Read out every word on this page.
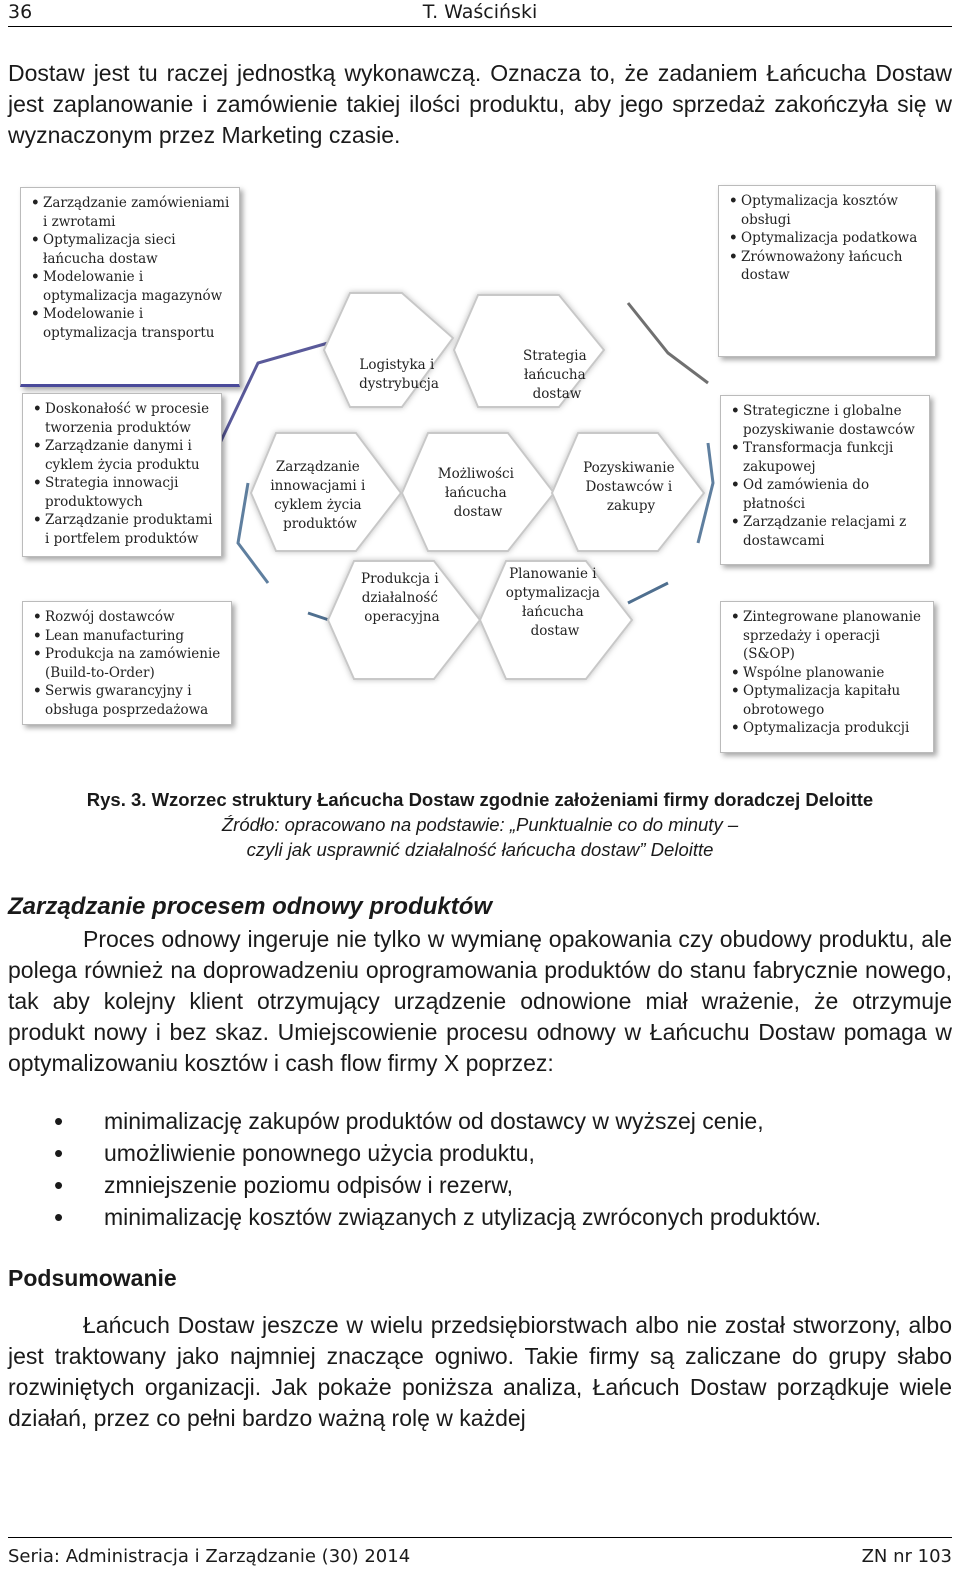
36	T. Waściński
Dostaw jest tu raczej jednostką wykonawczą. Oznacza to, że zadaniem Łańcucha Dostaw jest zaplanowanie i zamówienie takiej ilości produktu, aby jego sprzedaż zakończyła się w wyznaczonym przez Marketing czasie.
Logistyka i dystrybucja
Strategia łańcucha dostaw
Zarządzanie innowacjami i cyklem życia produktów
Możliwości łańcucha dostaw
Pozyskiwanie Dostawców i zakupy
Produkcja i działalność operacyjna
Planowanie i optymalizacja łańcucha dostaw
• Zarządzanie zamówieniami i zwrotami
• Optymalizacja sieci łańcucha dostaw
• Modelowanie i optymalizacja magazynów
• Modelowanie i optymalizacja transportu
• Optymalizacja kosztów obsługi
• Optymalizacja podatkowa
• Zrównoważony łańcuch dostaw
• Doskonałość w procesie tworzenia produktów
• Zarządzanie danymi i cyklem życia produktu
• Strategia innowacji produktowych
• Zarządzanie produktami i portfelem produktów
• Strategiczne i globalne pozyskiwanie dostawców
• Transformacja funkcji zakupowej
• Od zamówienia do płatności
• Zarządzanie relacjami z dostawcami
• Rozwój dostawców
• Lean manufacturing
• Produkcja na zamówienie (Build-to-Order)
• Serwis gwarancyjny i obsługa posprzedażowa
• Zintegrowane planowanie sprzedaży i operacji (S&OP)
• Wspólne planowanie
• Optymalizacja kapitału obrotowego
• Optymalizacja produkcji
Rys. 3. Wzorzec struktury Łańcucha Dostaw zgodnie założeniami firmy doradczej Deloitte
Źródło: opracowano na podstawie: „Punktualnie co do minuty –
czyli jak usprawnić działalność łańcucha dostaw” Deloitte
Zarządzanie procesem odnowy produktów
Proces odnowy ingeruje nie tylko w wymianę opakowania czy obudowy produktu, ale polega również na doprowadzeniu oprogramowania produktów do stanu fabrycznie nowego, tak aby kolejny klient otrzymujący urządzenie odnowione miał wrażenie, że otrzymuje produkt nowy i bez skaz. Umiejscowienie procesu odnowy w Łańcuchu Dostaw pomaga w optymalizowaniu kosztów i cash flow firmy X poprzez:
• minimalizację zakupów produktów od dostawcy w wyższej cenie,
• umożliwienie ponownego użycia produktu,
• zmniejszenie poziomu odpisów i rezerw,
• minimalizację kosztów związanych z utylizacją zwróconych produktów.
Podsumowanie
Łańcuch Dostaw jeszcze w wielu przedsiębiorstwach albo nie został stworzony, albo jest traktowany jako najmniej znaczące ogniwo. Takie firmy są zaliczane do grupy słabo rozwiniętych organizacji. Jak pokaże poniższa analiza, Łańcuch Dostaw porządkuje wiele działań, przez co pełni bardzo ważną rolę w każdej
Seria: Administracja i Zarządzanie (30) 2014	ZN nr 103
